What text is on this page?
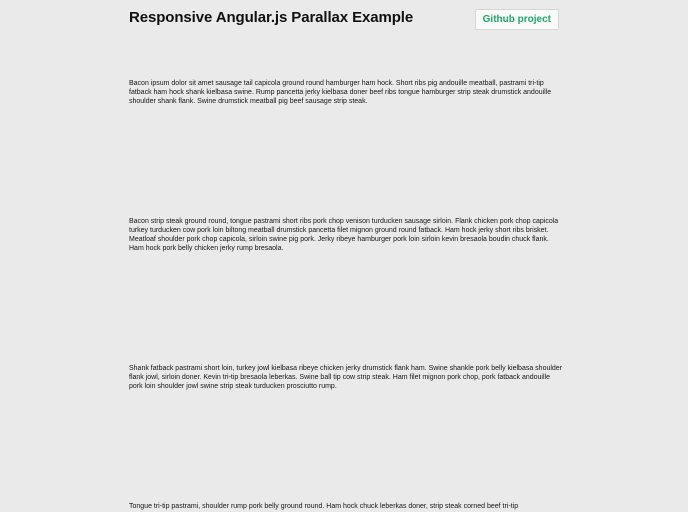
Responsive Angular.js Parallax Example	Github project

Bacon ipsum dolor sit amet sausage tail capicola ground round hamburger ham hock. Short ribs pig andouille meatball, pastrami tri-tip fatback ham hock shank kielbasa swine. Rump pancetta jerky kielbasa doner beef ribs tongue hamburger strip steak drumstick andouille shoulder shank flank. Swine drumstick meatball pig beef sausage strip steak.

Bacon strip steak ground round, tongue pastrami short ribs pork chop venison turducken sausage sirloin. Flank chicken pork chop capicola turkey turducken cow pork loin biltong meatball drumstick pancetta filet mignon ground round fatback. Ham hock jerky short ribs brisket. Meatloaf shoulder pork chop capicola, sirloin swine pig pork. Jerky ribeye hamburger pork loin sirloin kevin bresaola boudin chuck flank. Ham hock pork belly chicken jerky rump bresaola.

Shank fatback pastrami short loin, turkey jowl kielbasa ribeye chicken jerky drumstick flank ham. Swine shankle pork belly kielbasa shoulder flank jowl, sirloin doner. Kevin tri-tip bresaola leberkas. Swine ball tip cow strip steak. Ham filet mignon pork chop, pork fatback andouille pork loin shoulder jowl swine strip steak turducken prosciutto rump.

Tongue tri-tip pastrami, shoulder rump pork belly ground round. Ham hock chuck leberkas doner, strip steak corned beef tri-tip
